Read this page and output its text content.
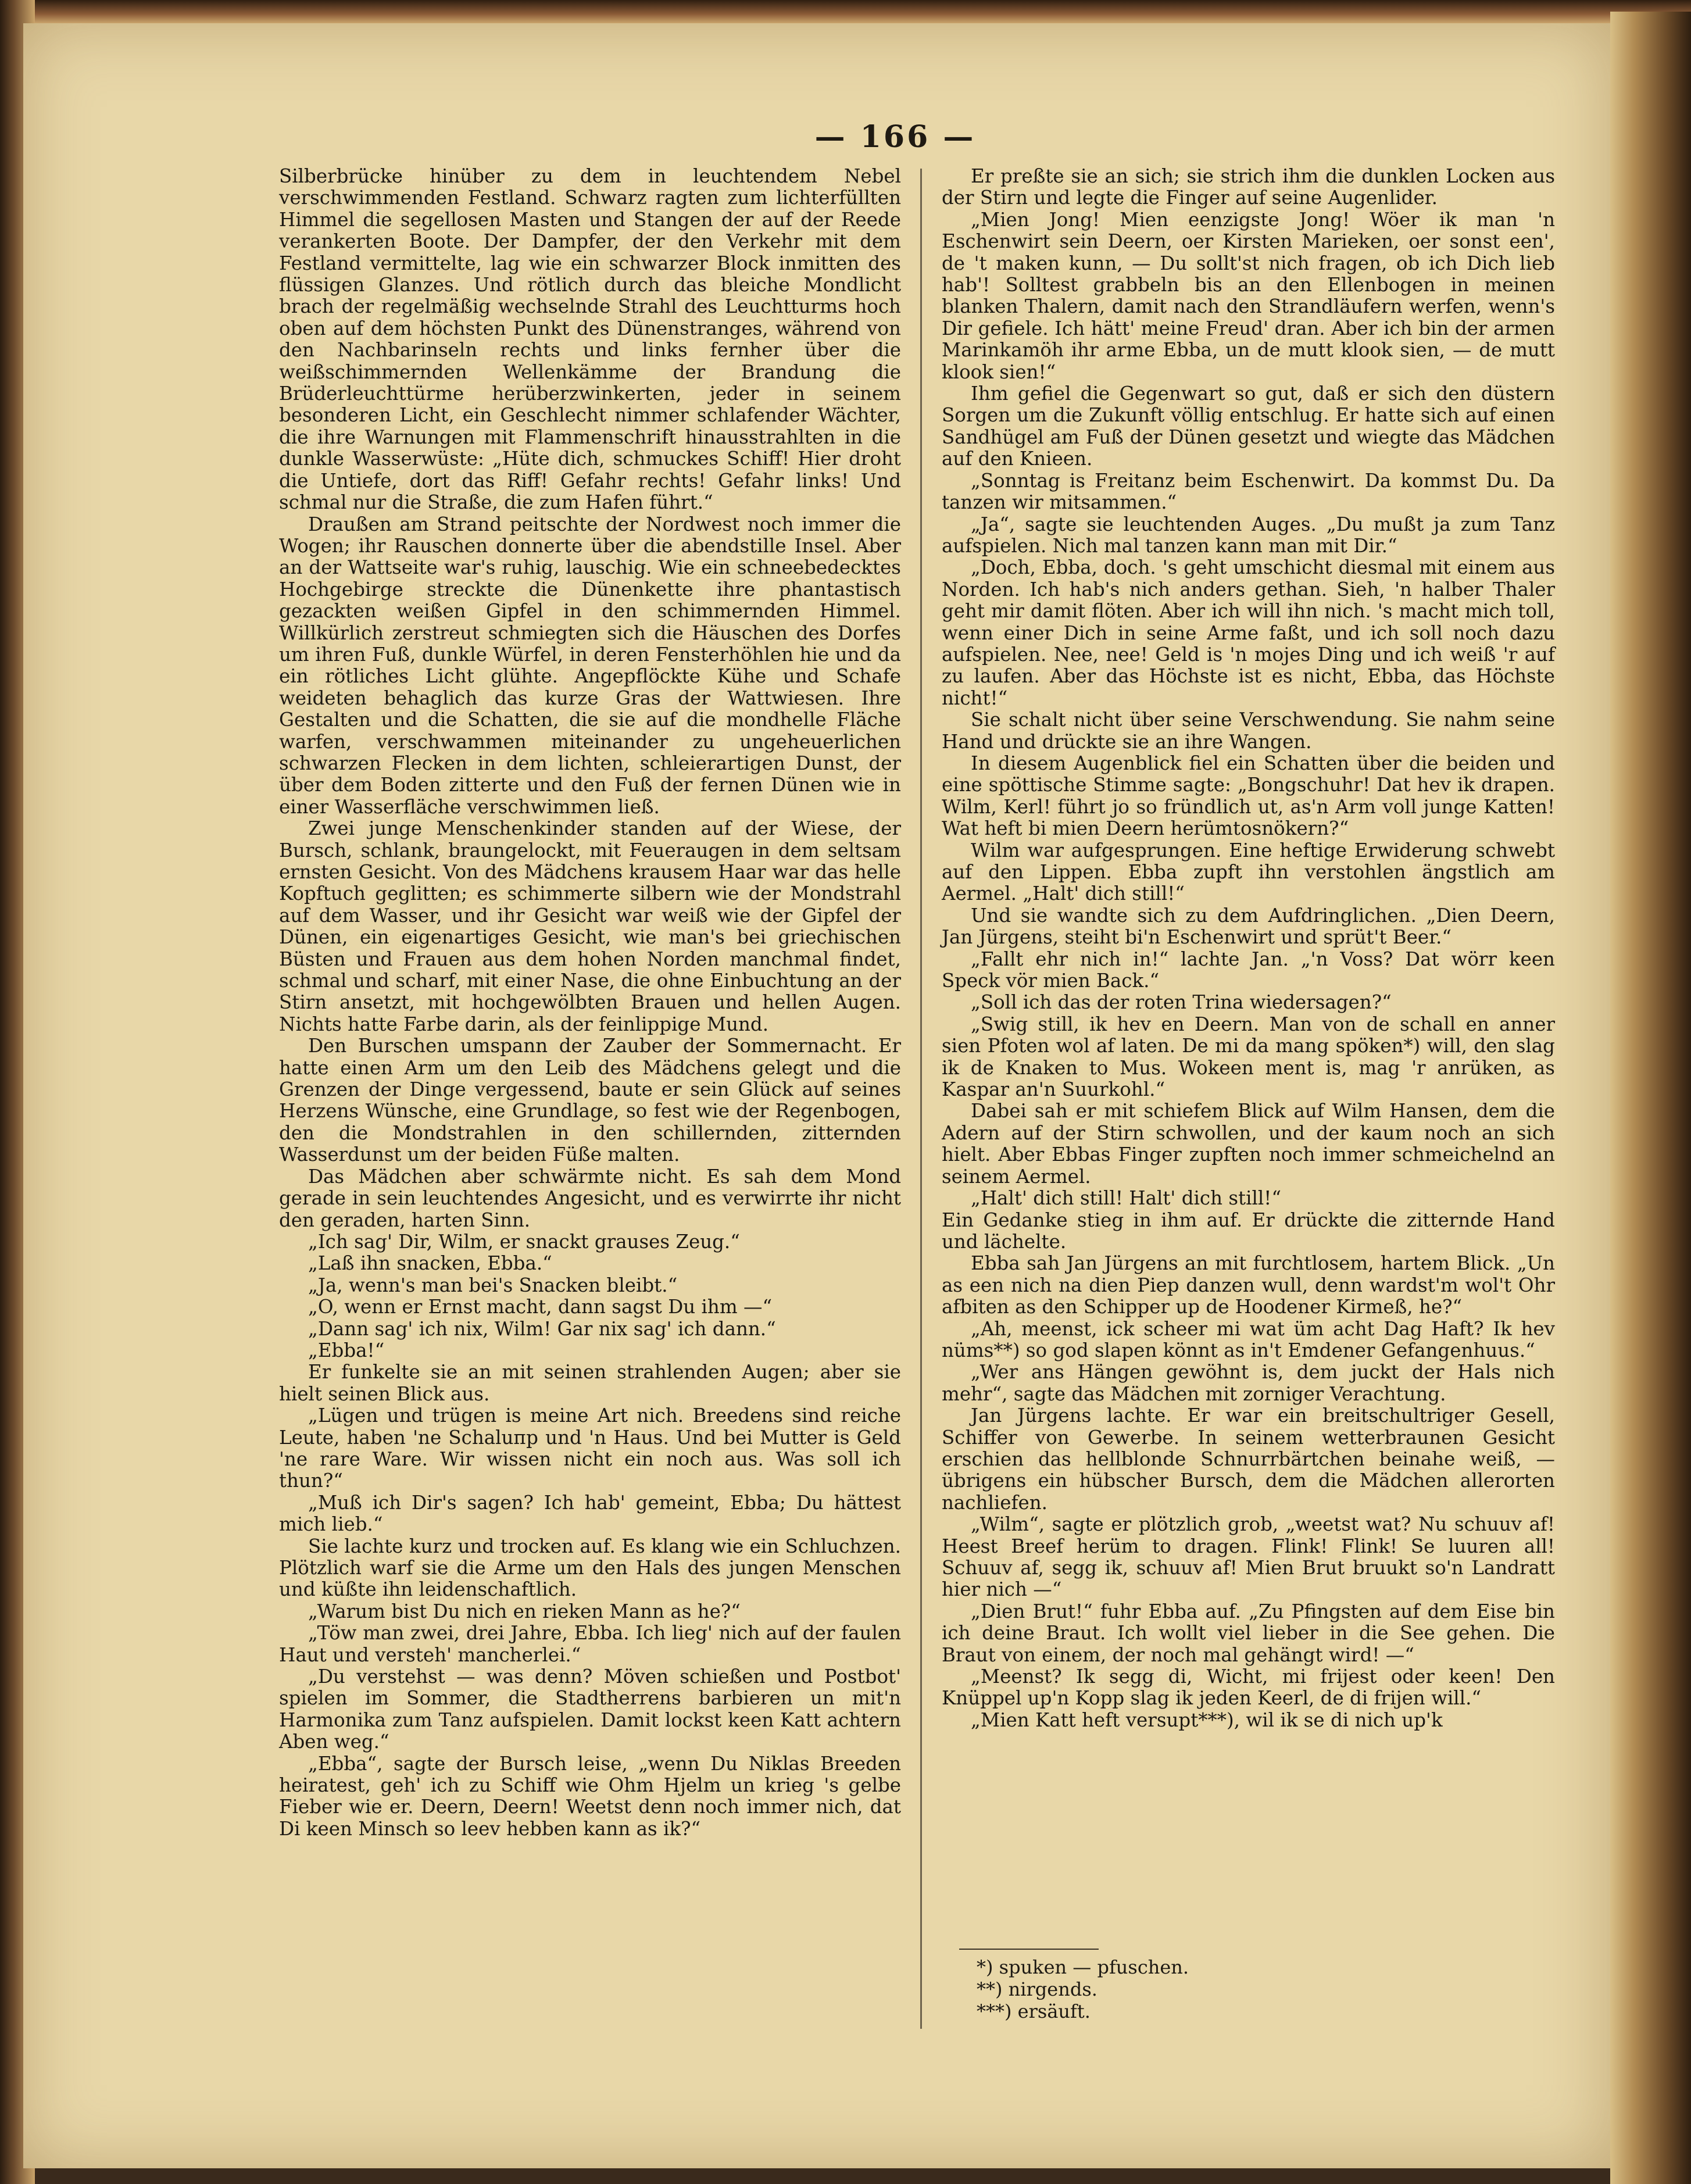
— 166 —

Silberbrücke hinüber zu dem in leuchtendem Nebel verschwimmenden Festland. Schwarz ragten zum lichterfüllten Himmel die segellosen Masten und Stangen der auf der Reede verankerten Boote. Der Dampfer, der den Verkehr mit dem Festland vermittelte, lag wie ein schwarzer Block inmitten des flüssigen Glanzes. Und rötlich durch das bleiche Mondlicht brach der regelmäßig wechselnde Strahl des Leuchtturms hoch oben auf dem höchsten Punkt des Dünenstranges, während von den Nachbarinseln rechts und links fernher über die weißschimmernden Wellenkämme der Brandung die Brüderleuchttürme herüberzwinkerten, jeder in seinem besonderen Licht, ein Geschlecht nimmer schlafender Wächter, die ihre Warnungen mit Flammenschrift hinausstrahlten in die dunkle Wasserwüste: „Hüte dich, schmuckes Schiff! Hier droht die Untiefe, dort das Riff! Gefahr rechts! Gefahr links! Und schmal nur die Straße, die zum Hafen führt.“

Draußen am Strand peitschte der Nordwest noch immer die Wogen; ihr Rauschen donnerte über die abendstille Insel. Aber an der Wattseite war's ruhig, lauschig. Wie ein schneebedecktes Hochgebirge streckte die Dünenkette ihre phantastisch gezackten weißen Gipfel in den schimmernden Himmel. Willkürlich zerstreut schmiegten sich die Häuschen des Dorfes um ihren Fuß, dunkle Würfel, in deren Fensterhöhlen hie und da ein rötliches Licht glühte. Angepflöckte Kühe und Schafe weideten behaglich das kurze Gras der Wattwiesen. Ihre Gestalten und die Schatten, die sie auf die mondhelle Fläche warfen, verschwammen miteinander zu ungeheuerlichen schwarzen Flecken in dem lichten, schleierartigen Dunst, der über dem Boden zitterte und den Fuß der fernen Dünen wie in einer Wasserfläche verschwimmen ließ.

Zwei junge Menschenkinder standen auf der Wiese, der Bursch, schlank, braungelockt, mit Feueraugen in dem seltsam ernsten Gesicht. Von des Mädchens krausem Haar war das helle Kopftuch geglitten; es schimmerte silbern wie der Mondstrahl auf dem Wasser, und ihr Gesicht war weiß wie der Gipfel der Dünen, ein eigenartiges Gesicht, wie man's bei griechischen Büsten und Frauen aus dem hohen Norden manchmal findet, schmal und scharf, mit einer Nase, die ohne Einbuchtung an der Stirn ansetzt, mit hochgewölbten Brauen und hellen Augen. Nichts hatte Farbe darin, als der feinlippige Mund.

Den Burschen umspann der Zauber der Sommernacht. Er hatte einen Arm um den Leib des Mädchens gelegt und die Grenzen der Dinge vergessend, baute er sein Glück auf seines Herzens Wünsche, eine Grundlage, so fest wie der Regenbogen, den die Mondstrahlen in den schillernden, zitternden Wasserdunst um der beiden Füße malten.

Das Mädchen aber schwärmte nicht. Es sah dem Mond gerade in sein leuchtendes Angesicht, und es verwirrte ihr nicht den geraden, harten Sinn.

„Ich sag' Dir, Wilm, er snackt grauses Zeug.“

„Laß ihn snacken, Ebba.“

„Ja, wenn's man bei's Snacken bleibt.“

„O, wenn er Ernst macht, dann sagst Du ihm —“

„Dann sag' ich nix, Wilm! Gar nix sag' ich dann.“

„Ebba!“

Er funkelte sie an mit seinen strahlenden Augen; aber sie hielt seinen Blick aus.

„Lügen und trügen is meine Art nich. Breedens sind reiche Leute, haben 'ne Schaluпp und 'n Haus. Und bei Mutter is Geld 'ne rare Ware. Wir wissen nicht ein noch aus. Was soll ich thun?“

„Muß ich Dir's sagen? Ich hab' gemeint, Ebba; Du hättest mich lieb.“

Sie lachte kurz und trocken auf. Es klang wie ein Schluchzen. Plötzlich warf sie die Arme um den Hals des jungen Menschen und küßte ihn leidenschaftlich.

„Warum bist Du nich en rieken Mann as he?“

„Töw man zwei, drei Jahre, Ebba. Ich lieg' nich auf der faulen Haut und versteh' mancherlei.“

„Du verstehst — was denn? Möven schießen und Postbot' spielen im Sommer, die Stadtherrens barbieren un mit'n Harmonika zum Tanz aufspielen. Damit lockst keen Katt achtern Aben weg.“

„Ebba“, sagte der Bursch leise, „wenn Du Niklas Breeden heiratest, geh' ich zu Schiff wie Ohm Hjelm un krieg 's gelbe Fieber wie er. Deern, Deern! Weetst denn noch immer nich, dat Di keen Minsch so leev hebben kann as ik?“

Er preßte sie an sich; sie strich ihm die dunklen Locken aus der Stirn und legte die Finger auf seine Augenlider.

„Mien Jong! Mien eenzigste Jong! Wöer ik man 'n Eschenwirt sein Deern, oer Kirsten Marieken, oer sonst een', de 't maken kunn, — Du sollt'st nich fragen, ob ich Dich lieb hab'! Solltest grabbeln bis an den Ellenbogen in meinen blanken Thalern, damit nach den Strandläufern werfen, wenn's Dir gefiele. Ich hätt' meine Freud' dran. Aber ich bin der armen Marinkamöh ihr arme Ebba, un de mutt klook sien, — de mutt klook sien!“

Ihm gefiel die Gegenwart so gut, daß er sich den düstern Sorgen um die Zukunft völlig entschlug. Er hatte sich auf einen Sandhügel am Fuß der Dünen gesetzt und wiegte das Mädchen auf den Knieen.

„Sonntag is Freitanz beim Eschenwirt. Da kommst Du. Da tanzen wir mitsammen.“

„Ja“, sagte sie leuchtenden Auges. „Du mußt ja zum Tanz aufspielen. Nich mal tanzen kann man mit Dir.“

„Doch, Ebba, doch. 's geht umschicht diesmal mit einem aus Norden. Ich hab's nich anders gethan. Sieh, 'n halber Thaler geht mir damit flöten. Aber ich will ihn nich. 's macht mich toll, wenn einer Dich in seine Arme faßt, und ich soll noch dazu aufspielen. Nee, nee! Geld is 'n mojes Ding und ich weiß 'r auf zu laufen. Aber das Höchste ist es nicht, Ebba, das Höchste nicht!“

Sie schalt nicht über seine Verschwendung. Sie nahm seine Hand und drückte sie an ihre Wangen.

In diesem Augenblick fiel ein Schatten über die beiden und eine spöttische Stimme sagte: „Bongschuhr! Dat hev ik drapen. Wilm, Kerl! führt jo so fründlich ut, as'n Arm voll junge Katten! Wat heft bi mien Deern herümtosnökern?“

Wilm war aufgesprungen. Eine heftige Erwiderung schwebt auf den Lippen. Ebba zupft ihn verstohlen ängstlich am Aermel. „Halt' dich still!“

Und sie wandte sich zu dem Aufdringlichen. „Dien Deern, Jan Jürgens, steiht bi'n Eschenwirt und sprüt't Beer.“

„Fallt ehr nich in!“ lachte Jan. „'n Voss? Dat wörr keen Speck vör mien Back.“

„Soll ich das der roten Trina wiedersagen?“

„Swig still, ik hev en Deern. Man von de schall en anner sien Pfoten wol af laten. De mi da mang spöken*) will, den slag ik de Knaken to Mus. Wokeen ment is, mag 'r anrüken, as Kaspar an'n Suurkohl.“

Dabei sah er mit schiefem Blick auf Wilm Hansen, dem die Adern auf der Stirn schwollen, und der kaum noch an sich hielt. Aber Ebbas Finger zupften noch immer schmeichelnd an seinem Aermel.

„Halt' dich still! Halt' dich still!“

Ein Gedanke stieg in ihm auf. Er drückte die zitternde Hand und lächelte.

Ebba sah Jan Jürgens an mit furchtlosem, hartem Blick. „Un as een nich na dien Piep danzen wull, denn wardst'm wol't Ohr afbiten as den Schipper up de Hoodener Kirmeß, he?“

„Ah, meenst, ick scheer mi wat üm acht Dag Haft? Ik hev nüms**) so god slapen könnt as in't Emdener Gefangenhuus.“

„Wer ans Hängen gewöhnt is, dem juckt der Hals nich mehr“, sagte das Mädchen mit zorniger Verachtung.

Jan Jürgens lachte. Er war ein breitschultriger Gesell, Schiffer von Gewerbe. In seinem wetterbraunen Gesicht erschien das hellblonde Schnurrbärtchen beinahe weiß, — übrigens ein hübscher Bursch, dem die Mädchen allerorten nachliefen.

„Wilm“, sagte er plötzlich grob, „weetst wat? Nu schuuv af! Heest Breef herüm to dragen. Flink! Flink! Se luuren all! Schuuv af, segg ik, schuuv af! Mien Brut bruukt so'n Landratt hier nich —“

„Dien Brut!“ fuhr Ebba auf. „Zu Pfingsten auf dem Eise bin ich deine Braut. Ich wollt viel lieber in die See gehen. Die Braut von einem, der noch mal gehängt wird! —“

„Meenst? Ik segg di, Wicht, mi frijest oder keen! Den Knüppel up'n Kopp slag ik jeden Keerl, de di frijen will.“

„Mien Katt heft versupt***), wil ik se di nich up'k

*) spuken — pfuschen.
**) nirgends.
***) ersäuft.
